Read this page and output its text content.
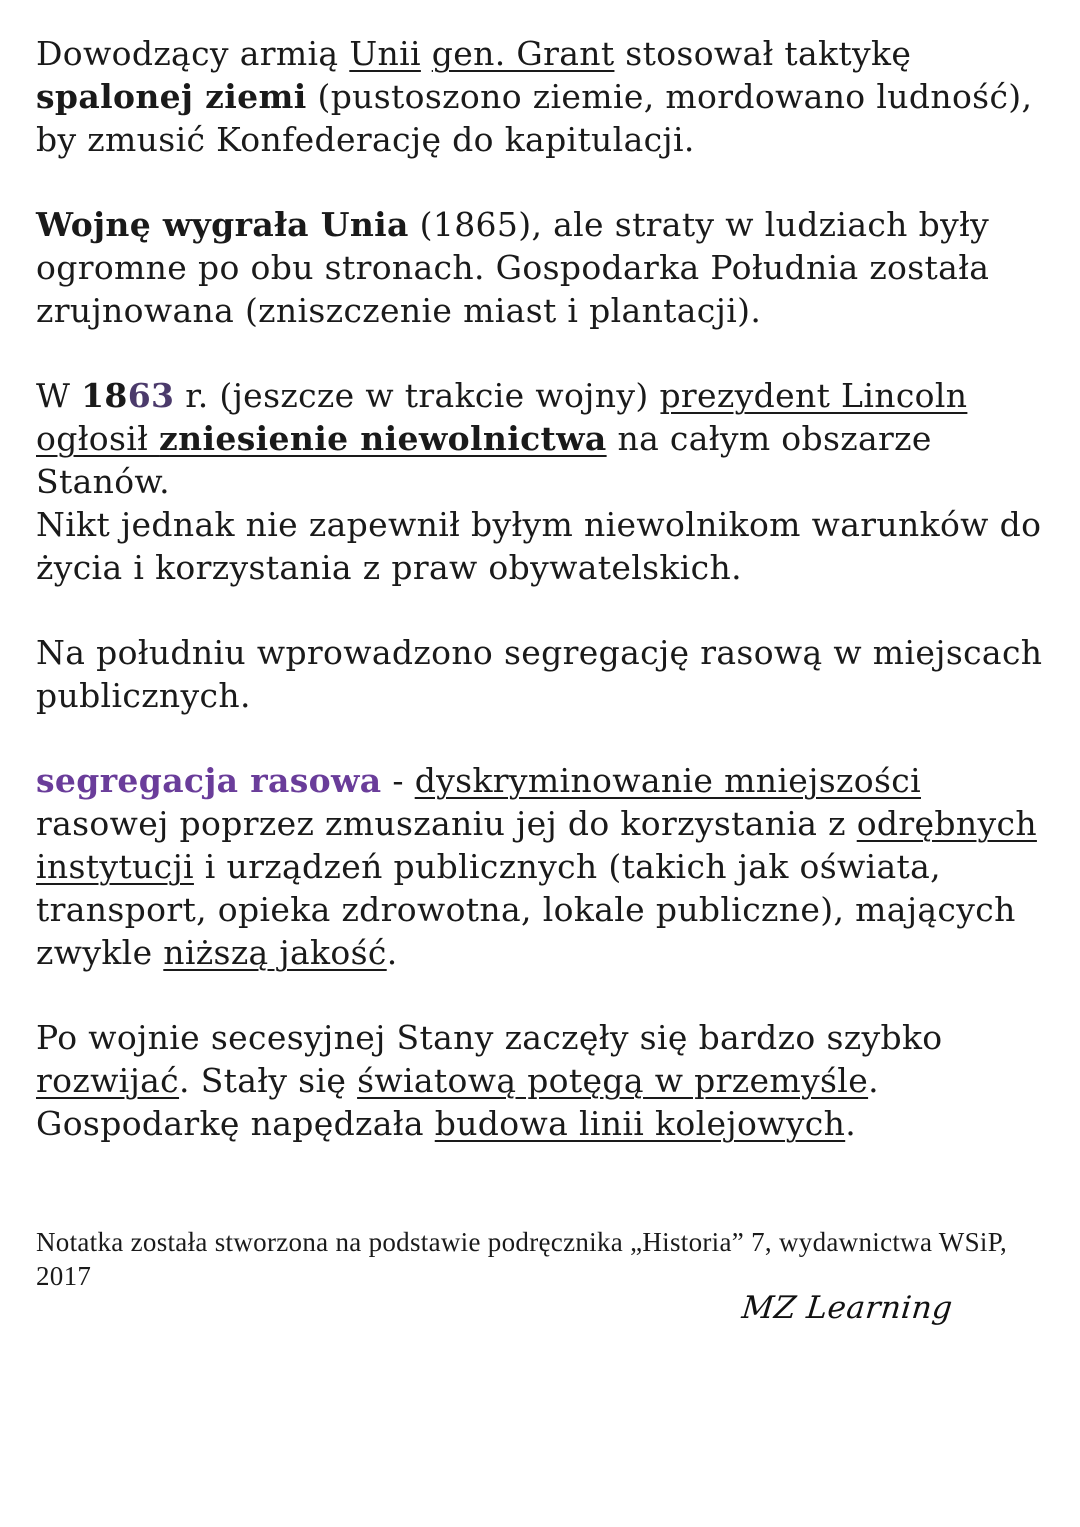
Dowodzący armią Unii gen. Grant stosował taktykę spalonej ziemi (pustoszono ziemie, mordowano ludność), by zmusić Konfederację do kapitulacji.

Wojnę wygrała Unia (1865), ale straty w ludziach były ogromne po obu stronach. Gospodarka Południa została zrujnowana (zniszczenie miast i plantacji).

W 1863 r. (jeszcze w trakcie wojny) prezydent Lincoln ogłosił zniesienie niewolnictwa na całym obszarze Stanów.

Nikt jednak nie zapewnił byłym niewolnikom warunków do życia i korzystania z praw obywatelskich.

Na południu wprowadzono segregację rasową w miejscach publicznych.

segregacja rasowa - dyskryminowanie mniejszości rasowej poprzez zmuszaniu jej do korzystania z odrębnych instytucji i urządzeń publicznych (takich jak oświata, transport, opieka zdrowotna, lokale publiczne), mających zwykle niższą jakość.

Po wojnie secesyjnej Stany zaczęły się bardzo szybko rozwijać. Stały się światową potęgą w przemyśle. Gospodarkę napędzała budowa linii kolejowych.

Notatka została stworzona na podstawie podręcznika „Historia” 7, wydawnictwa WSiP, 2017

MZ Learning
